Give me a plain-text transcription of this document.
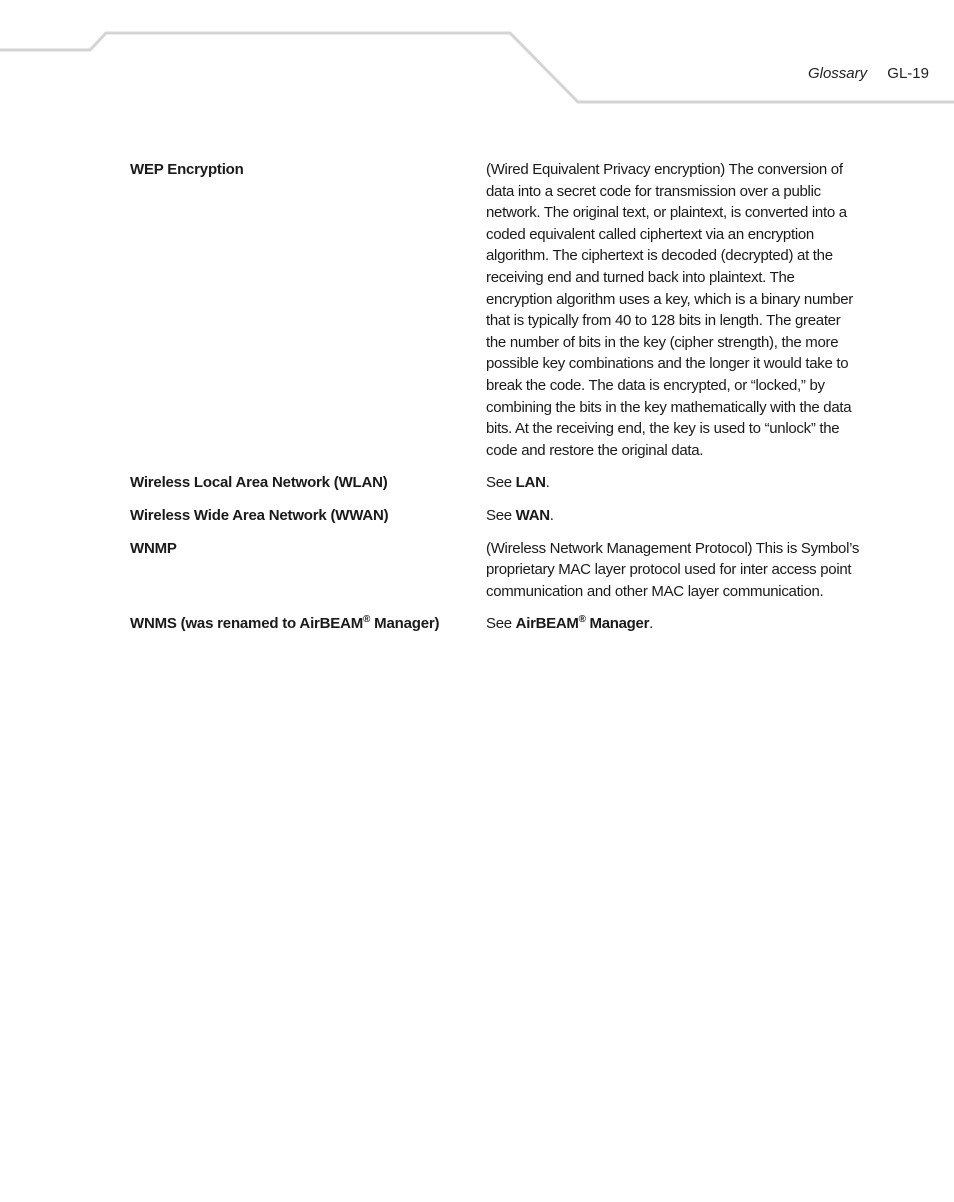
Glossary GL-19
WEP Encryption	(Wired Equivalent Privacy encryption) The conversion of data into a secret code for transmission over a public network. The original text, or plaintext, is converted into a coded equivalent called ciphertext via an encryption algorithm. The ciphertext is decoded (decrypted) at the receiving end and turned back into plaintext. The encryption algorithm uses a key, which is a binary number that is typically from 40 to 128 bits in length. The greater the number of bits in the key (cipher strength), the more possible key combinations and the longer it would take to break the code. The data is encrypted, or “locked,” by combining the bits in the key mathematically with the data bits. At the receiving end, the key is used to “unlock” the code and restore the original data.
Wireless Local Area Network (WLAN)	See LAN.
Wireless Wide Area Network (WWAN)	See WAN.
WNMP	(Wireless Network Management Protocol) This is Symbol’s proprietary MAC layer protocol used for inter access point communication and other MAC layer communication.
WNMS (was renamed to AirBEAM® Manager)	See AirBEAM® Manager.
